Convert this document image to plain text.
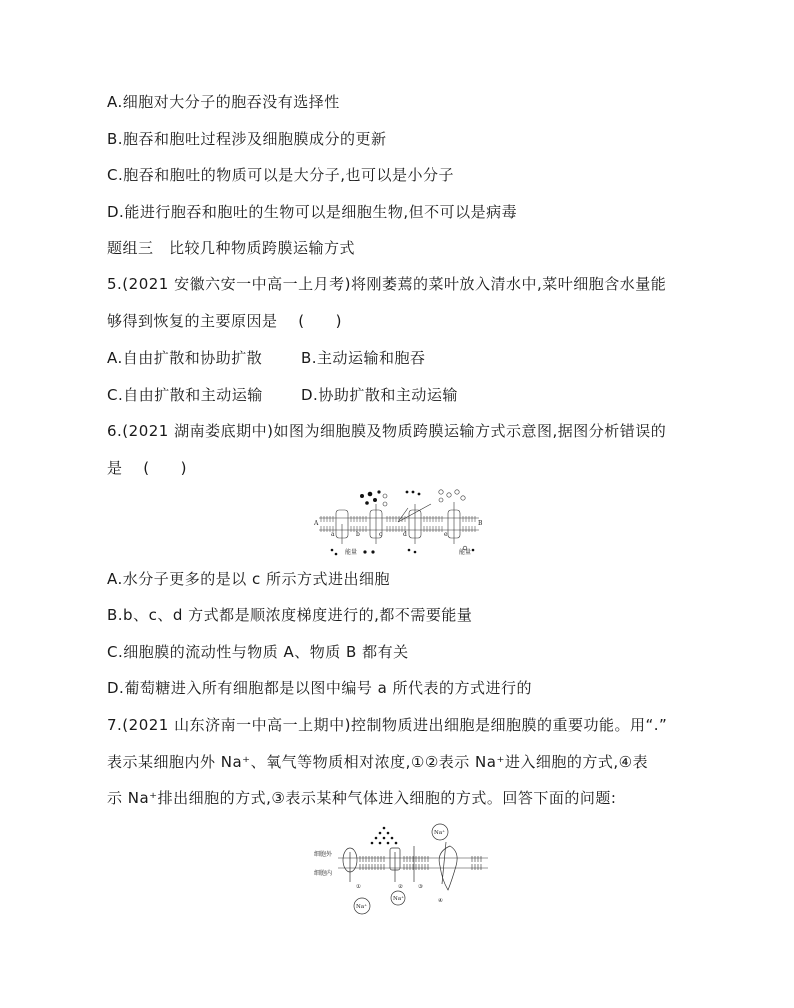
A.细胞对大分子的胞吞没有选择性
B.胞吞和胞吐过程涉及细胞膜成分的更新
C.胞吞和胞吐的物质可以是大分子,也可以是小分子
D.能进行胞吞和胞吐的生物可以是细胞生物,但不可以是病毒
题组三　比较几种物质跨膜运输方式
5.(2021 安徽六安一中高一上月考)将刚萎蔫的菜叶放入清水中,菜叶细胞含水量能
够得到恢复的主要原因是　 (　　)
A.自由扩散和协助扩散	B.主动运输和胞吞
C.自由扩散和主动运输	D.协助扩散和主动运输
6.(2021 湖南娄底期中)如图为细胞膜及物质跨膜运输方式示意图,据图分析错误的
是　 (　　)
a	b	c	d	e
能量	能量
A	B
A.水分子更多的是以 c 所示方式进出细胞
B.b、c、d 方式都是顺浓度梯度进行的,都不需要能量
C.细胞膜的流动性与物质 A、物质 B 都有关
D.葡萄糖进入所有细胞都是以图中编号 a 所代表的方式进行的
7.(2021 山东济南一中高一上期中)控制物质进出细胞是细胞膜的重要功能。用“.”
表示某细胞内外 Na⁺、氧气等物质相对浓度,①②表示 Na⁺进入细胞的方式,④表
示 Na⁺排出细胞的方式,③表示某种气体进入细胞的方式。回答下面的问题:
细胞外
细胞内
Na⁺
Na⁺
Na⁺
①	②	③
④
